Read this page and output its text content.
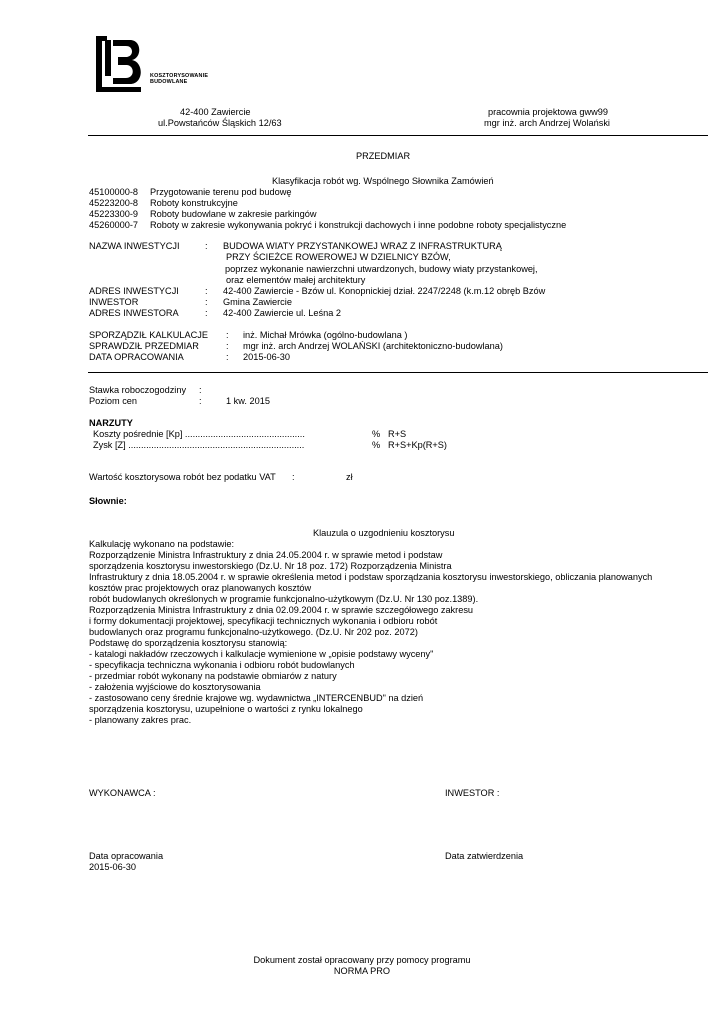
KOSZTORYSOWANIE
BUDOWLANE
42-400 Zawiercie
ul.Powstańców Śląskich 12/63
pracownia projektowa gww99
mgr inż. arch Andrzej Wolański
PRZEDMIAR
Klasyfikacja robót wg. Wspólnego Słownika Zamówień
45100000-8 Przygotowanie terenu pod budowę
45223200-8 Roboty konstrukcyjne
45223300-9 Roboty budowlane w zakresie parkingów
45260000-7 Roboty w zakresie wykonywania pokryć i konstrukcji dachowych i inne podobne roboty specjalistyczne
NAZWA INWESTYCJI	: BUDOWA WIATY PRZYSTANKOWEJ WRAZ Z INFRASTRUKTURĄ
PRZY ŚCIEŻCE ROWEROWEJ W DZIELNICY BZÓW,
poprzez wykonanie nawierzchni utwardzonych, budowy wiaty przystankowej,
oraz elementów małej architektury
ADRES INWESTYCJI	: 42-400 Zawiercie - Bzów ul. Konopnickiej dział. 2247/2248 (k.m.12 obręb Bzów
INWESTOR	: Gmina Zawiercie
ADRES INWESTORA	: 42-400 Zawiercie ul. Leśna 2
SPORZĄDZIŁ KALKULACJE : inż. Michał Mrówka (ogólno-budowlana )
SPRAWDZIŁ PRZEDMIAR	: mgr inż. arch Andrzej WOLAŃSKI (architektoniczno-budowlana)
DATA OPRACOWANIA	: 2015-06-30
Stawka roboczogodziny :
Poziom cen	:	1 kw. 2015
NARZUTY
Koszty pośrednie [Kp] ...............................................	% R+S
Zysk [Z] .....................................................................	% R+S+Kp(R+S)
Wartość kosztorysowa robót bez podatku VAT :	zł
Słownie:
Klauzula o uzgodnieniu kosztorysu
Kalkulację wykonano na podstawie:
Rozporządzenie Ministra Infrastruktury z dnia 24.05.2004 r. w sprawie metod i podstaw
sporządzenia kosztorysu inwestorskiego (Dz.U. Nr 18 poz. 172) Rozporządzenia Ministra
Infrastruktury z dnia 18.05.2004 r. w sprawie określenia metod i podstaw sporządzania kosztorysu inwestorskiego, obliczania planowanych
kosztów prac projektowych oraz planowanych kosztów
robót budowlanych określonych w programie funkcjonalno-użytkowym (Dz.U. Nr 130 poz.1389).
Rozporządzenia Ministra Infrastruktury z dnia 02.09.2004 r. w sprawie szczegółowego zakresu
i formy dokumentacji projektowej, specyfikacji technicznych wykonania i odbioru robót
budowlanych oraz programu funkcjonalno-użytkowego. (Dz.U. Nr 202 poz. 2072)
Podstawę do sporządzenia kosztorysu stanowią:
- katalogi nakładów rzeczowych i kalkulacje wymienione w „opisie podstawy wyceny"
- specyfikacja techniczna wykonania i odbioru robót budowlanych
- przedmiar robót wykonany na podstawie obmiarów z natury
- założenia wyjściowe do kosztorysowania
- zastosowano ceny średnie krajowe wg. wydawnictwa „INTERCENBUD" na dzień
sporządzenia kosztorysu, uzupełnione o wartości z rynku lokalnego
- planowany zakres prac.
WYKONAWCA :	INWESTOR :
Data opracowania
2015-06-30
Data zatwierdzenia
Dokument został opracowany przy pomocy programu
NORMA PRO
